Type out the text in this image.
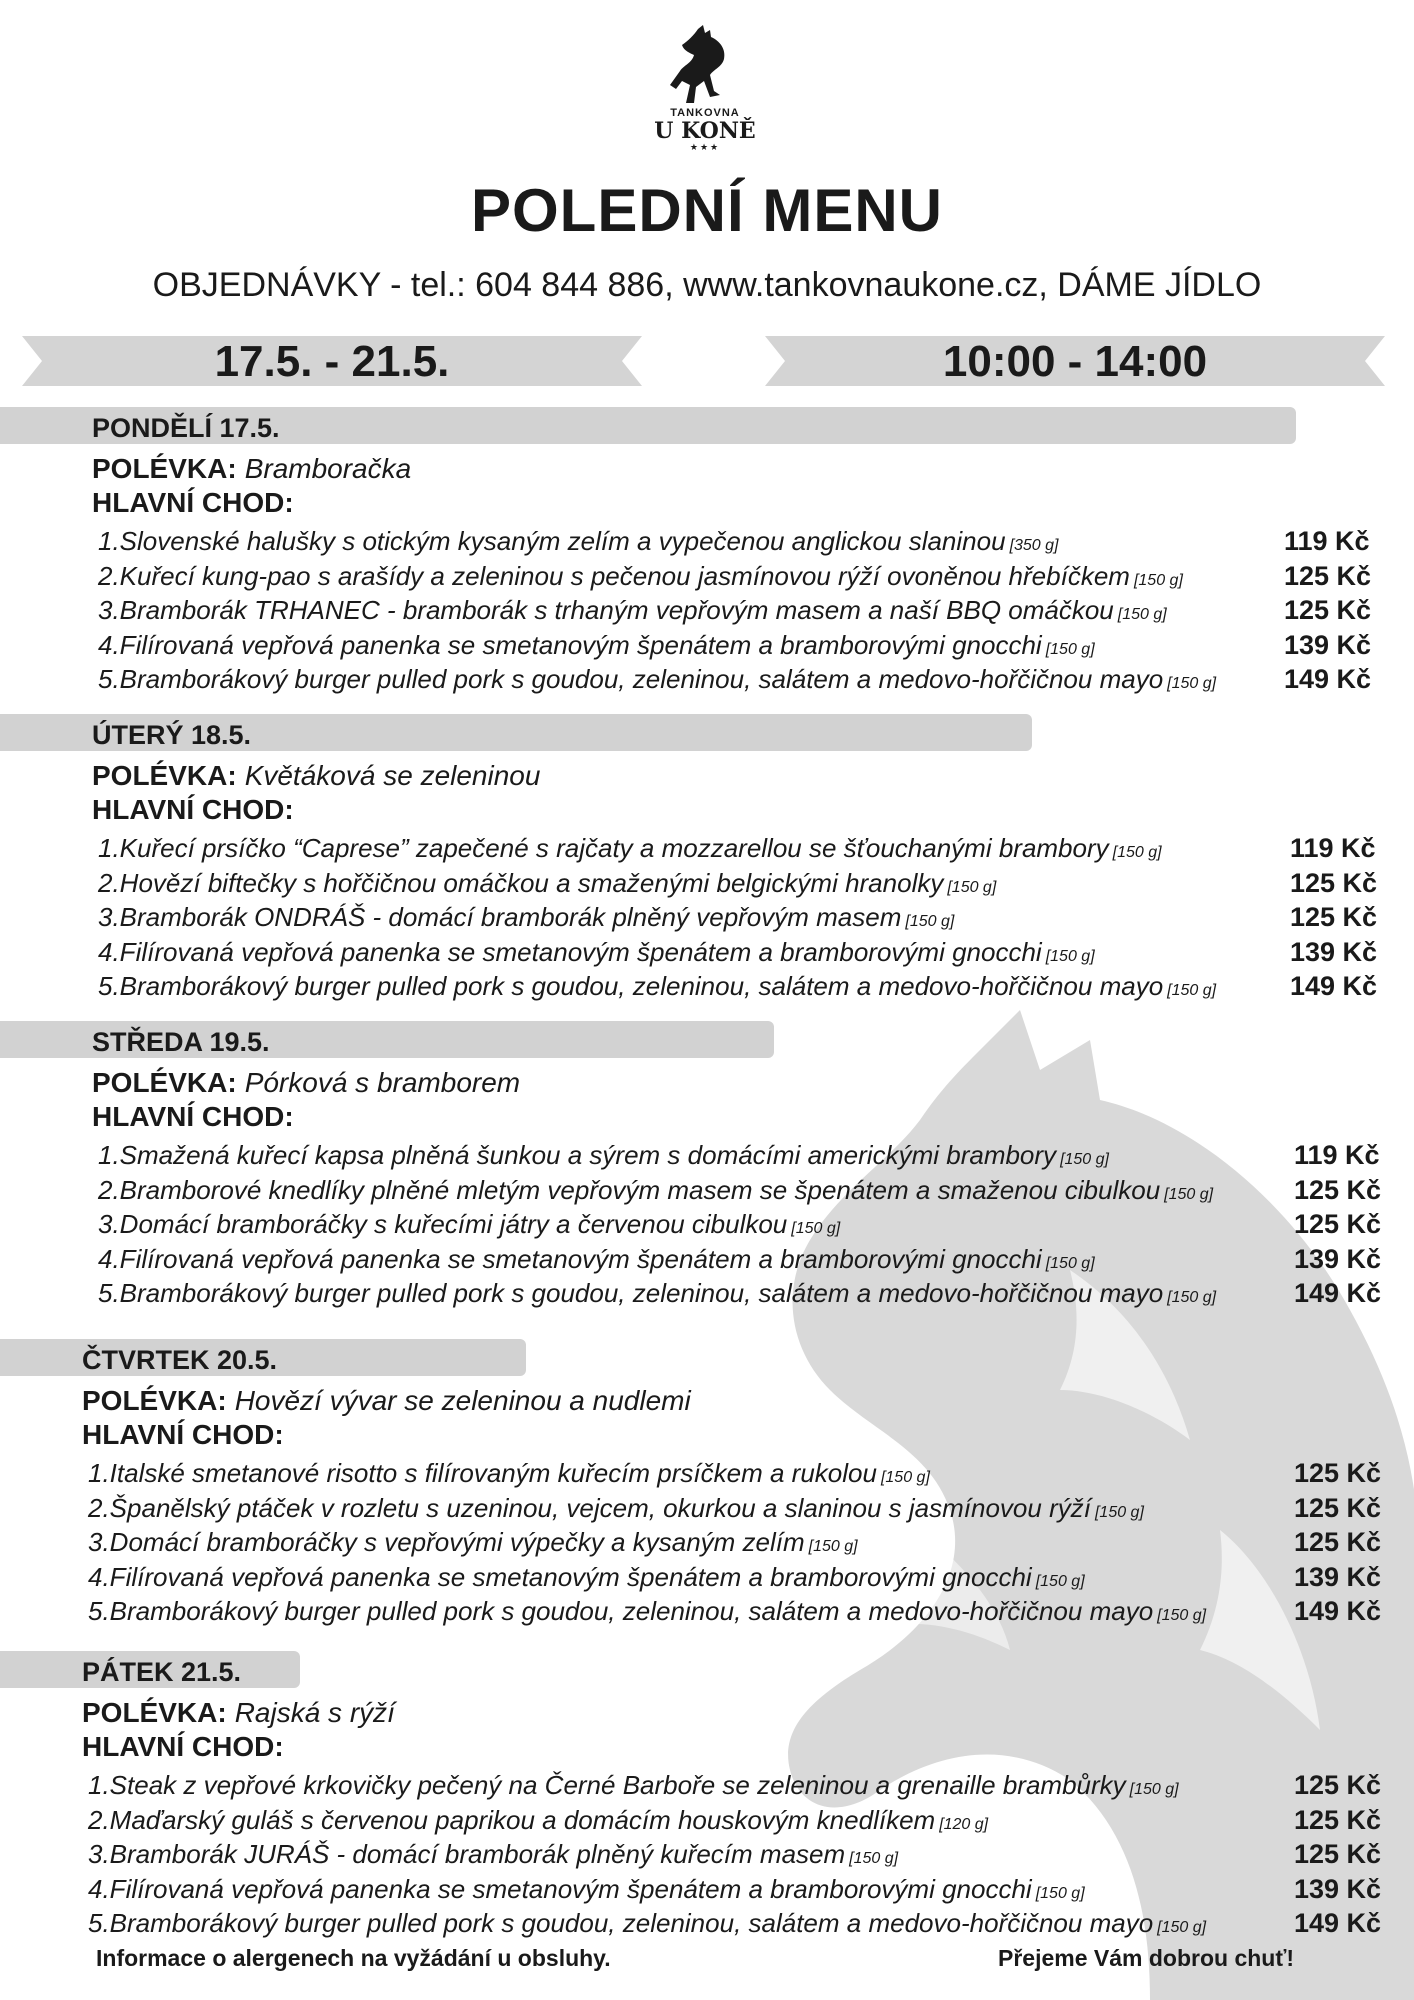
TANKOVNA
U KONĚ
★★★
POLEDNÍ MENU
OBJEDNÁVKY - tel.: 604 844 886, www.tankovnaukone.cz, DÁME JÍDLO
17.5. - 21.5.	10:00 - 14:00
PONDĚLÍ 17.5.
POLÉVKA: Bramboračka
HLAVNÍ CHOD:
1.Slovenské halušky s otickým kysaným zelím a vypečenou anglickou slaninou [350 g]	119 Kč
2.Kuřecí kung-pao s arašídy a zeleninou s pečenou jasmínovou rýží ovoněnou hřebíčkem [150 g]	125 Kč
3.Bramborák TRHANEC - bramborák s trhaným vepřovým masem a naší BBQ omáčkou [150 g]	125 Kč
4.Filírovaná vepřová panenka se smetanovým špenátem a bramborovými gnocchi [150 g]	139 Kč
5.Bramborákový burger pulled pork s goudou, zeleninou, salátem a medovo-hořčičnou mayo [150 g]	149 Kč
ÚTERÝ 18.5.
POLÉVKA: Květáková se zeleninou
HLAVNÍ CHOD:
1.Kuřecí prsíčko “Caprese” zapečené s rajčaty a mozzarellou se šťouchanými brambory [150 g]	119 Kč
2.Hovězí biftečky s hořčičnou omáčkou a smaženými belgickými hranolky [150 g]	125 Kč
3.Bramborák ONDRÁŠ - domácí bramborák plněný vepřovým masem [150 g]	125 Kč
4.Filírovaná vepřová panenka se smetanovým špenátem a bramborovými gnocchi [150 g]	139 Kč
5.Bramborákový burger pulled pork s goudou, zeleninou, salátem a medovo-hořčičnou mayo [150 g]	149 Kč
STŘEDA 19.5.
POLÉVKA: Pórková s bramborem
HLAVNÍ CHOD:
1.Smažená kuřecí kapsa plněná šunkou a sýrem s domácími americkými brambory [150 g]	119 Kč
2.Bramborové knedlíky plněné mletým vepřovým masem se špenátem a smaženou cibulkou [150 g]	125 Kč
3.Domácí bramboráčky s kuřecími játry a červenou cibulkou [150 g]	125 Kč
4.Filírovaná vepřová panenka se smetanovým špenátem a bramborovými gnocchi [150 g]	139 Kč
5.Bramborákový burger pulled pork s goudou, zeleninou, salátem a medovo-hořčičnou mayo [150 g]	149 Kč
ČTVRTEK 20.5.
POLÉVKA: Hovězí vývar se zeleninou a nudlemi
HLAVNÍ CHOD:
1.Italské smetanové risotto s filírovaným kuřecím prsíčkem a rukolou [150 g]	125 Kč
2.Španělský ptáček v rozletu s uzeninou, vejcem, okurkou a slaninou s jasmínovou rýží [150 g]	125 Kč
3.Domácí bramboráčky s vepřovými výpečky a kysaným zelím [150 g]	125 Kč
4.Filírovaná vepřová panenka se smetanovým špenátem a bramborovými gnocchi [150 g]	139 Kč
5.Bramborákový burger pulled pork s goudou, zeleninou, salátem a medovo-hořčičnou mayo [150 g]	149 Kč
PÁTEK 21.5.
POLÉVKA: Rajská s rýží
HLAVNÍ CHOD:
1.Steak z vepřové krkovičky pečený na Černé Barboře se zeleninou a grenaille brambůrky [150 g]	125 Kč
2.Maďarský guláš s červenou paprikou a domácím houskovým knedlíkem [120 g]	125 Kč
3.Bramborák JURÁŠ - domácí bramborák plněný kuřecím masem [150 g]	125 Kč
4.Filírovaná vepřová panenka se smetanovým špenátem a bramborovými gnocchi [150 g]	139 Kč
5.Bramborákový burger pulled pork s goudou, zeleninou, salátem a medovo-hořčičnou mayo [150 g]	149 Kč
Informace o alergenech na vyžádání u obsluhy.	Přejeme Vám dobrou chuť!
